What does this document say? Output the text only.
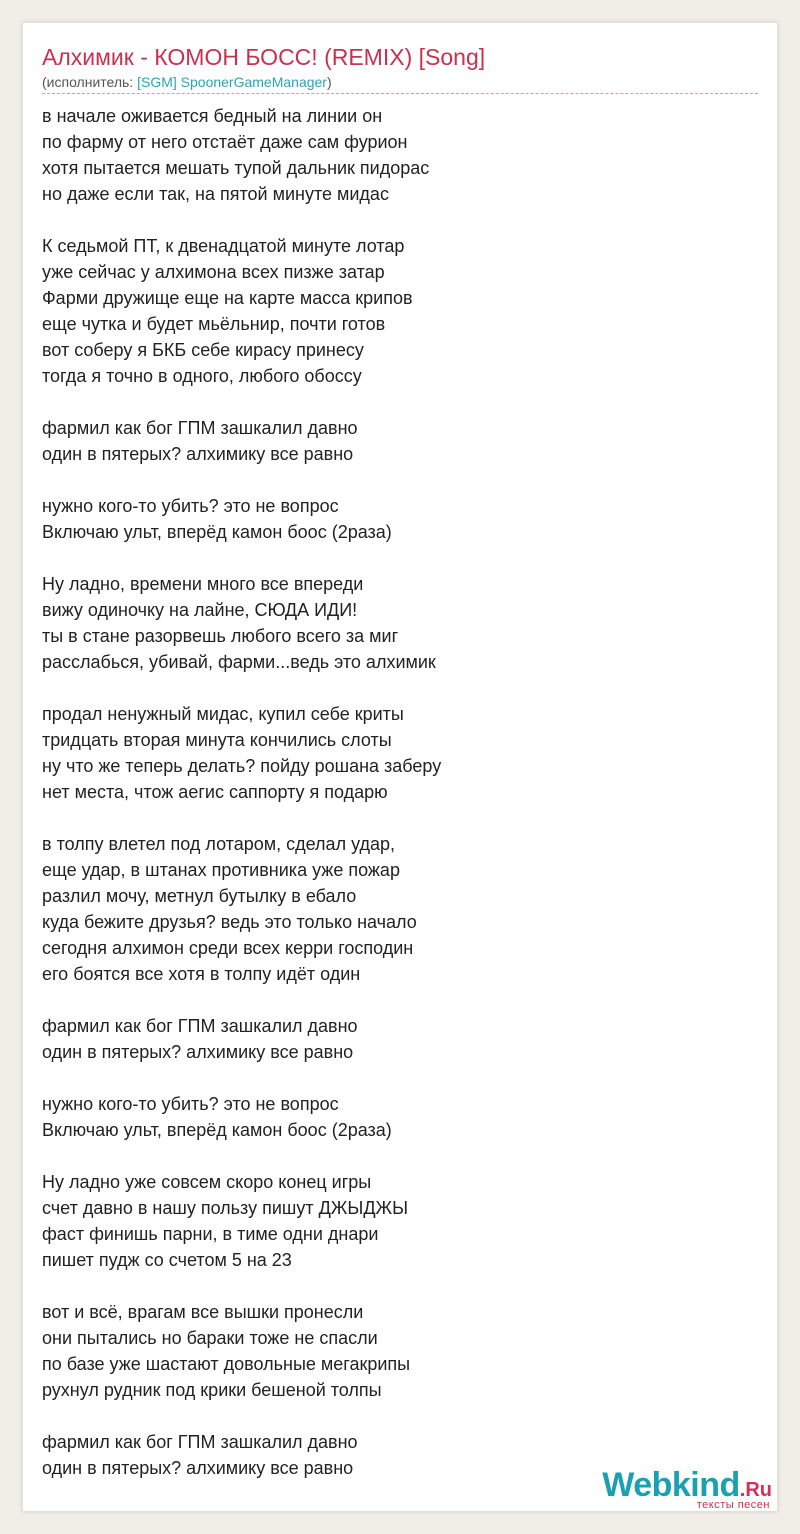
Алхимик - КОМОН БОСС! (REMIX) [Song]
(исполнитель: [SGM] SpoonerGameManager)
в начале оживается бедный на линии он
по фарму от него отстаёт даже сам фурион
хотя пытается мешать тупой дальник пидорас
но даже если так, на пятой минуте мидас
К седьмой ПТ, к двенадцатой минуте лотар
уже сейчас у алхимона всех пизже затар
Фарми дружище еще на карте масса крипов
еще чутка и будет мьёльнир, почти готов
вот соберу я БКБ себе кирасу принесу
тогда я точно в одного, любого обоссу
фармил как бог ГПМ зашкалил давно
один в пятерых? алхимику все равно
нужно кого-то убить? это не вопрос
Включаю ульт, вперёд камон боос (2раза)
Ну ладно, времени много все впереди
вижу одиночку на лайне, СЮДА ИДИ!
ты в стане разорвешь любого всего за миг
расслабься, убивай, фарми...ведь это алхимик
продал ненужный мидас, купил себе криты
тридцать вторая минута кончились слоты
ну что же теперь делать? пойду рошана заберу
нет места, чтож аегис саппорту я подарю
в толпу влетел под лотаром, сделал удар,
еще удар, в штанах противника уже пожар
разлил мочу, метнул бутылку в ебало
куда бежите друзья? ведь это только начало
сегодня алхимон среди всех керри господин
его боятся все хотя в толпу идёт один
фармил как бог ГПМ зашкалил давно
один в пятерых? алхимику все равно
нужно кого-то убить? это не вопрос
Включаю ульт, вперёд камон боос (2раза)
Ну ладно уже совсем скоро конец игры
счет давно в нашу пользу пишут ДЖЫДЖЫ
фаст финишь парни, в тиме одни днари
пишет пудж со счетом 5 на 23
вот и всё, врагам все вышки пронесли
они пытались но бараки тоже не спасли
по базе уже шастают довольные мегакрипы
рухнул рудник под крики бешеной толпы
фармил как бог ГПМ зашкалил давно
один в пятерых? алхимику все равно	Webkind.Ru
тексты песен
